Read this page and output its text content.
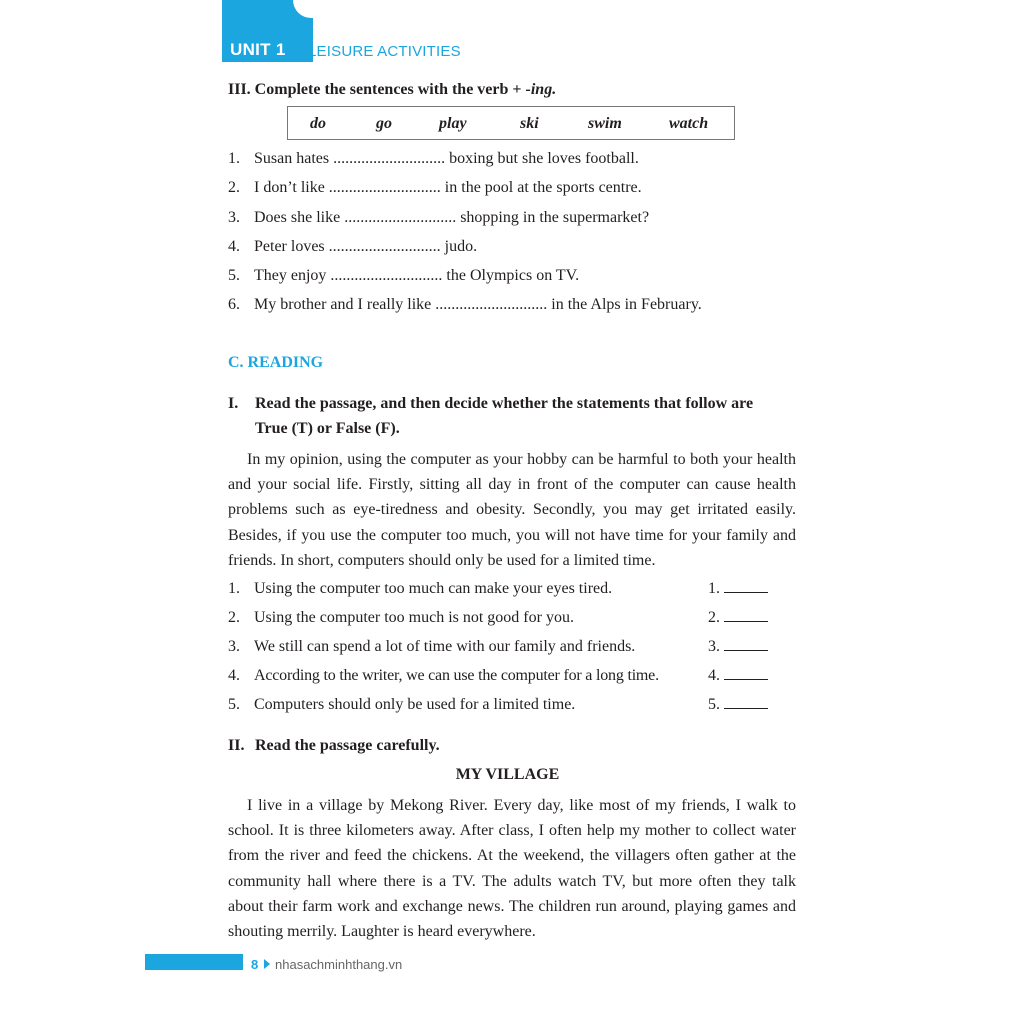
UNIT 1 LEISURE ACTIVITIES
III. Complete the sentences with the verb + -ing.
do	go	play	ski	swim	watch
1. Susan hates ............................ boxing but she loves football.
2. I don’t like ............................ in the pool at the sports centre.
3. Does she like ............................ shopping in the supermarket?
4. Peter loves ............................ judo.
5. They enjoy ............................ the Olympics on TV.
6. My brother and I really like ............................ in the Alps in February.
C. READING
I. Read the passage, and then decide whether the statements that follow are
True (T) or False (F).

In my opinion, using the computer as your hobby can be harmful to both your health and your social life. Firstly, sitting all day in front of the computer can cause health problems such as eye-tiredness and obesity. Secondly, you may get irritated easily. Besides, if you use the computer too much, you will not have time for your family and friends. In short, computers should only be used for a limited time.

1. Using the computer too much can make your eyes tired.	1.
2. Using the computer too much is not good for you.	2.
3. We still can spend a lot of time with our family and friends.	3.
4. According to the writer, we can use the computer for a long time.	4.
5. Computers should only be used for a limited time.	5.
II. Read the passage carefully.
MY VILLAGE

I live in a village by Mekong River. Every day, like most of my friends, I walk to school. It is three kilometers away. After class, I often help my mother to collect water from the river and feed the chickens. At the weekend, the villagers often gather at the community hall where there is a TV. The adults watch TV, but more often they talk about their farm work and exchange news. The children run around, playing games and shouting merrily. Laughter is heard everywhere.

8 nhasachminhthang.vn
